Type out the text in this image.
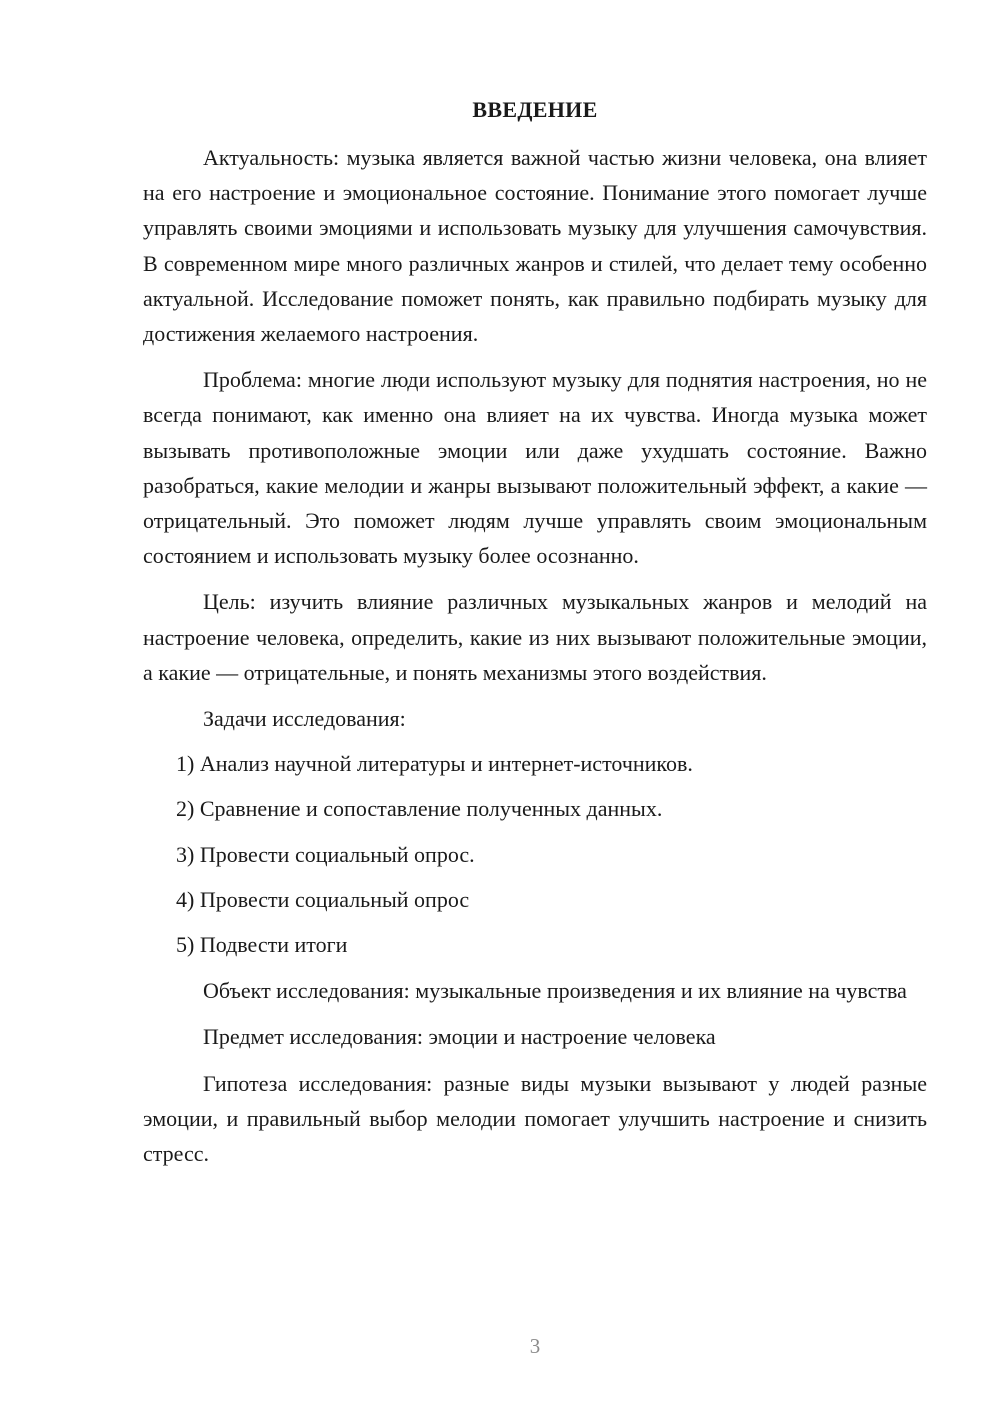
ВВЕДЕНИЕ

Актуальность: музыка является важной частью жизни человека, она влияет на его настроение и эмоциональное состояние. Понимание этого помогает лучше управлять своими эмоциями и использовать музыку для улучшения самочувствия. В современном мире много различных жанров и стилей, что делает тему особенно актуальной. Исследование поможет понять, как правильно подбирать музыку для достижения желаемого настроения.

Проблема: многие люди используют музыку для поднятия настроения, но не всегда понимают, как именно она влияет на их чувства. Иногда музыка может вызывать противоположные эмоции или даже ухудшать состояние. Важно разобраться, какие мелодии и жанры вызывают положительный эффект, а какие — отрицательный. Это поможет людям лучше управлять своим эмоциональным состоянием и использовать музыку более осознанно.

Цель: изучить влияние различных музыкальных жанров и мелодий на настроение человека, определить, какие из них вызывают положительные эмоции, а какие — отрицательные, и понять механизмы этого воздействия.

Задачи исследования:

1) Анализ научной литературы и интернет-источников.

2) Сравнение и сопоставление полученных данных.

3) Провести социальный опрос.

4) Провести социальный опрос

5) Подвести итоги

Объект исследования: музыкальные произведения и их влияние на чувства

Предмет исследования: эмоции и настроение человека

Гипотеза исследования: разные виды музыки вызывают у людей разные эмоции, и правильный выбор мелодии помогает улучшить настроение и снизить стресс.

3
